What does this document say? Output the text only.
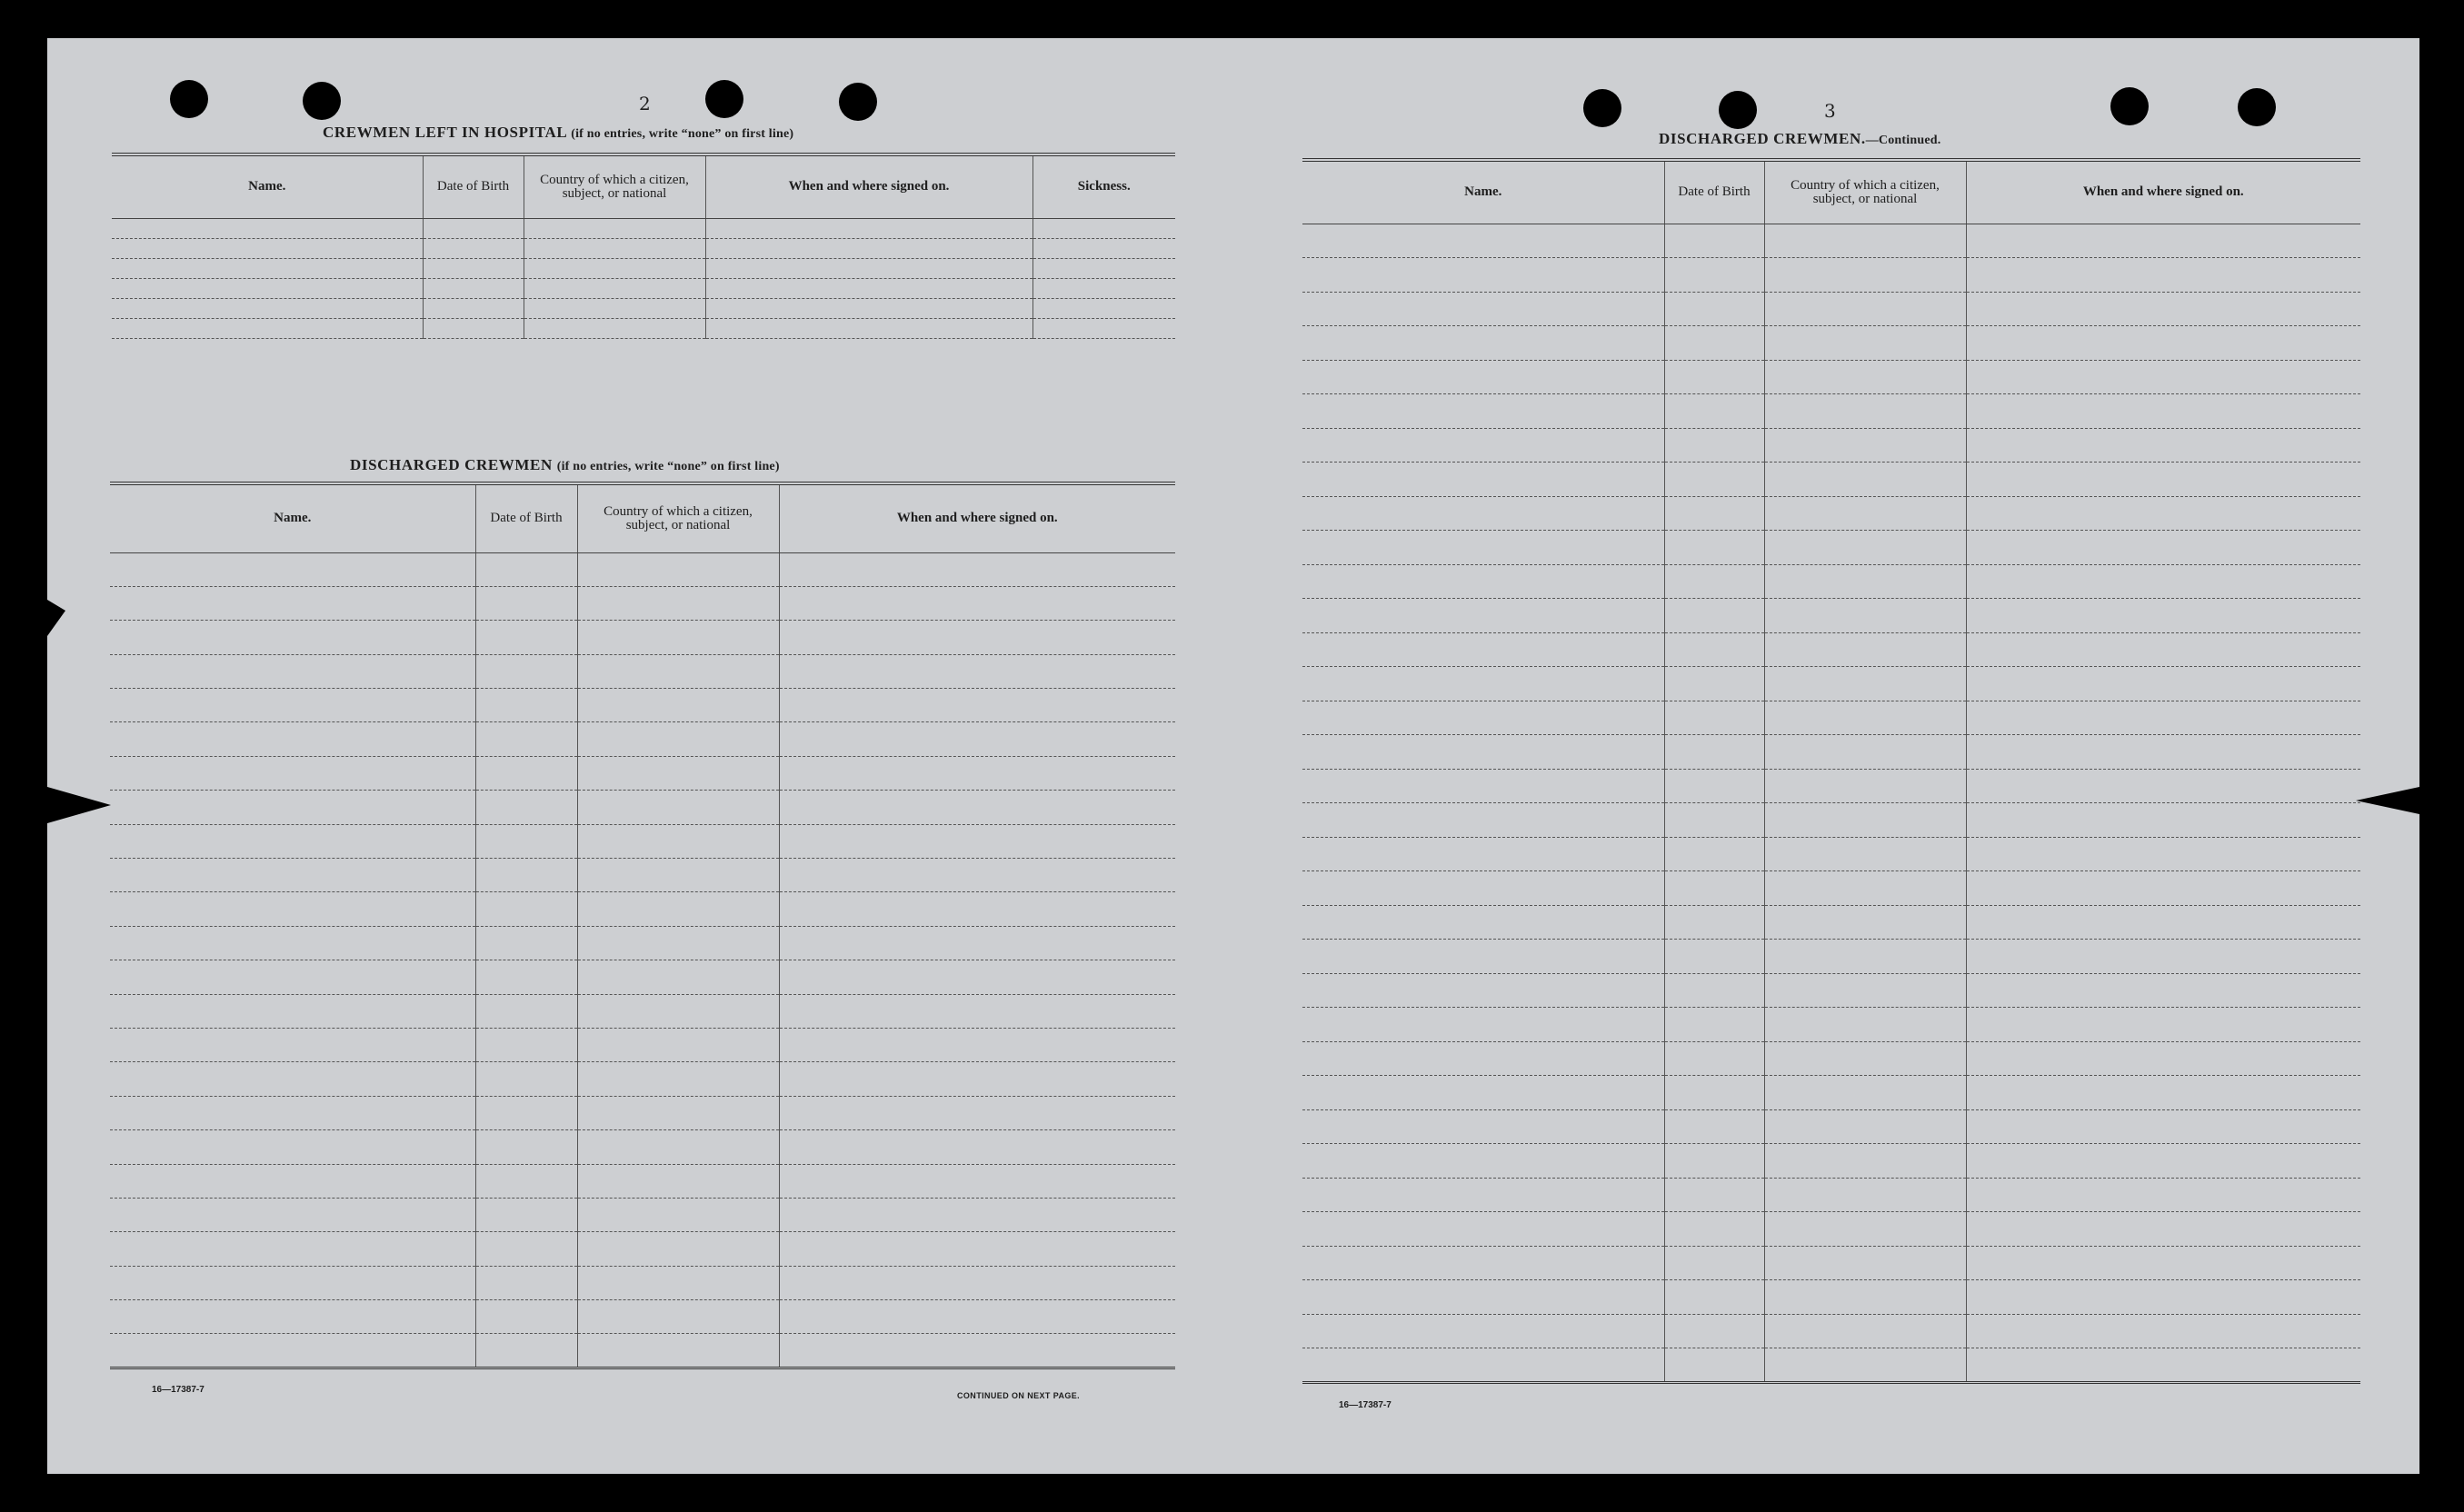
2
CREWMEN LEFT IN HOSPITAL (if no entries, write “none” on first line)
Name.	Date of Birth	Country of which a citizen, subject, or national	When and where signed on.	Sickness.

DISCHARGED CREWMEN (if no entries, write “none” on first line)
Name.	Date of Birth	Country of which a citizen, subject, or national	When and where signed on.

16—17387-7
CONTINUED ON NEXT PAGE.
3
DISCHARGED CREWMEN.—Continued.
Name.	Date of Birth	Country of which a citizen, subject, or national	When and where signed on.

16—17387-7
